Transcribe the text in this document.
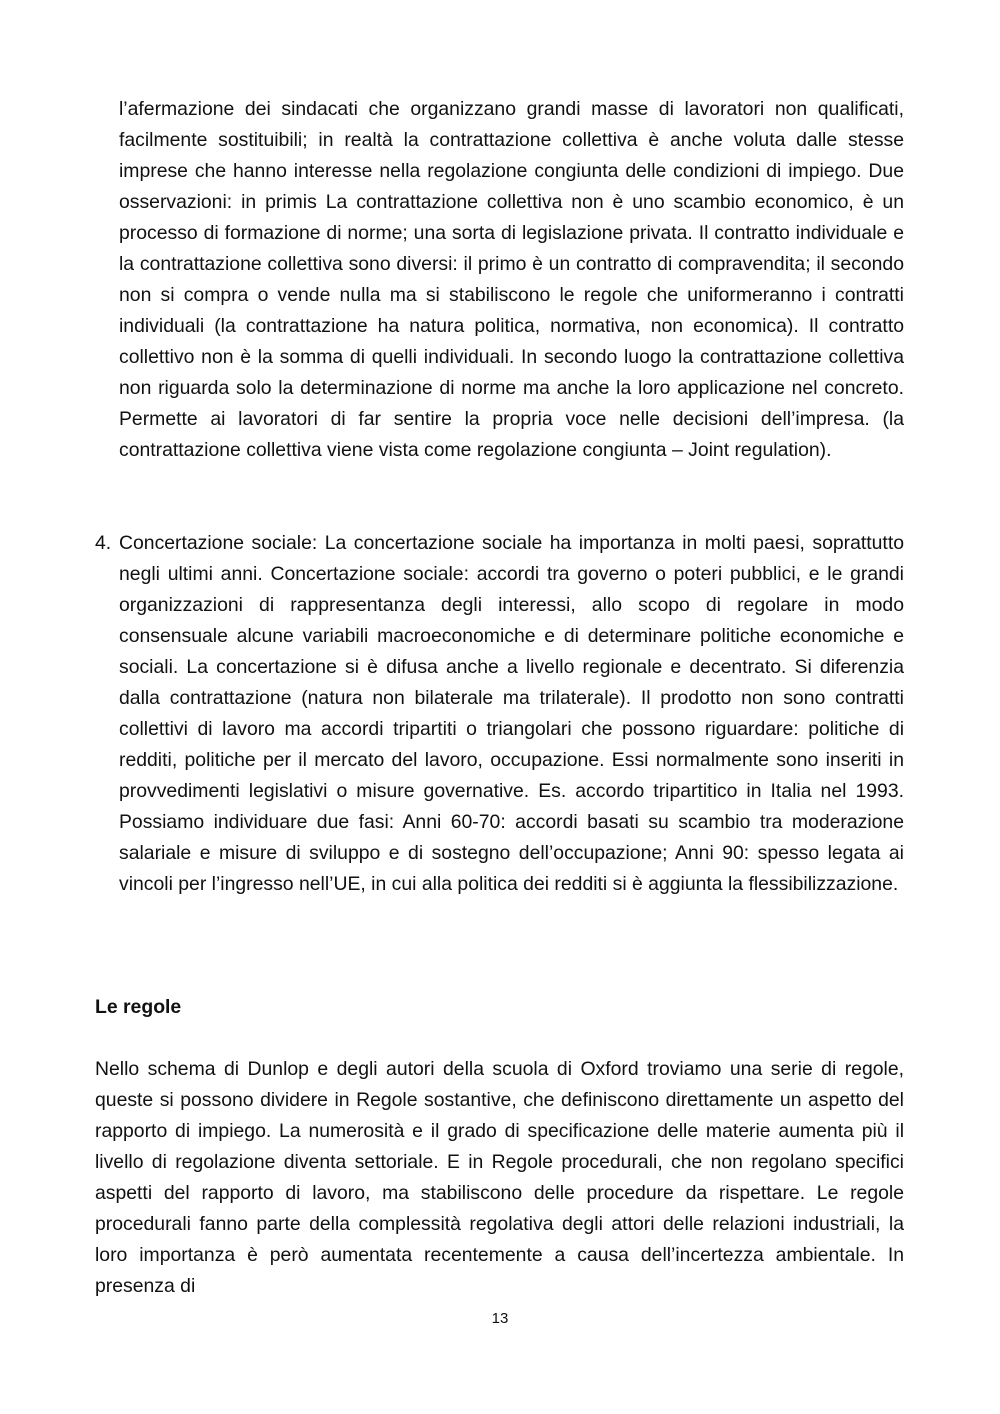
l’afermazione dei sindacati che organizzano grandi masse di lavoratori non qualificati, facilmente sostituibili; in realtà la contrattazione collettiva è anche voluta dalle stesse imprese che hanno interesse nella regolazione congiunta delle condizioni di impiego. Due osservazioni: in primis La contrattazione collettiva non è uno scambio economico, è un processo di formazione di norme; una sorta di legislazione privata. Il contratto individuale e la contrattazione collettiva sono diversi: il primo è un contratto di compravendita; il secondo non si compra o vende nulla ma si stabiliscono le regole che uniformeranno i contratti individuali (la contrattazione ha natura politica, normativa, non economica). Il contratto collettivo non è la somma di quelli individuali. In secondo luogo la contrattazione collettiva non riguarda solo la determinazione di norme ma anche la loro applicazione nel concreto. Permette ai lavoratori di far sentire la propria voce nelle decisioni dell’impresa. (la contrattazione collettiva viene vista come regolazione congiunta – Joint regulation).

4. Concertazione sociale: La concertazione sociale ha importanza in molti paesi, soprattutto negli ultimi anni. Concertazione sociale: accordi tra governo o poteri pubblici, e le grandi organizzazioni di rappresentanza degli interessi, allo scopo di regolare in modo consensuale alcune variabili macroeconomiche e di determinare politiche economiche e sociali. La concertazione si è difusa anche a livello regionale e decentrato. Si diferenzia dalla contrattazione (natura non bilaterale ma trilaterale). Il prodotto non sono contratti collettivi di lavoro ma accordi tripartiti o triangolari che possono riguardare: politiche di redditi, politiche per il mercato del lavoro, occupazione. Essi normalmente sono inseriti in provvedimenti legislativi o misure governative. Es. accordo tripartitico in Italia nel 1993. Possiamo individuare due fasi: Anni 60-70: accordi basati su scambio tra moderazione salariale e misure di sviluppo e di sostegno dell’occupazione; Anni 90: spesso legata ai vincoli per l’ingresso nell’UE, in cui alla politica dei redditi si è aggiunta la flessibilizzazione.

Le regole

Nello schema di Dunlop e degli autori della scuola di Oxford troviamo una serie di regole, queste si possono dividere in Regole sostantive, che definiscono direttamente un aspetto del rapporto di impiego. La numerosità e il grado di specificazione delle materie aumenta più il livello di regolazione diventa settoriale. E in Regole procedurali, che non regolano specifici aspetti del rapporto di lavoro, ma stabiliscono delle procedure da rispettare. Le regole procedurali fanno parte della complessità regolativa degli attori delle relazioni industriali, la loro importanza è però aumentata recentemente a causa dell’incertezza ambientale. In presenza di

13
